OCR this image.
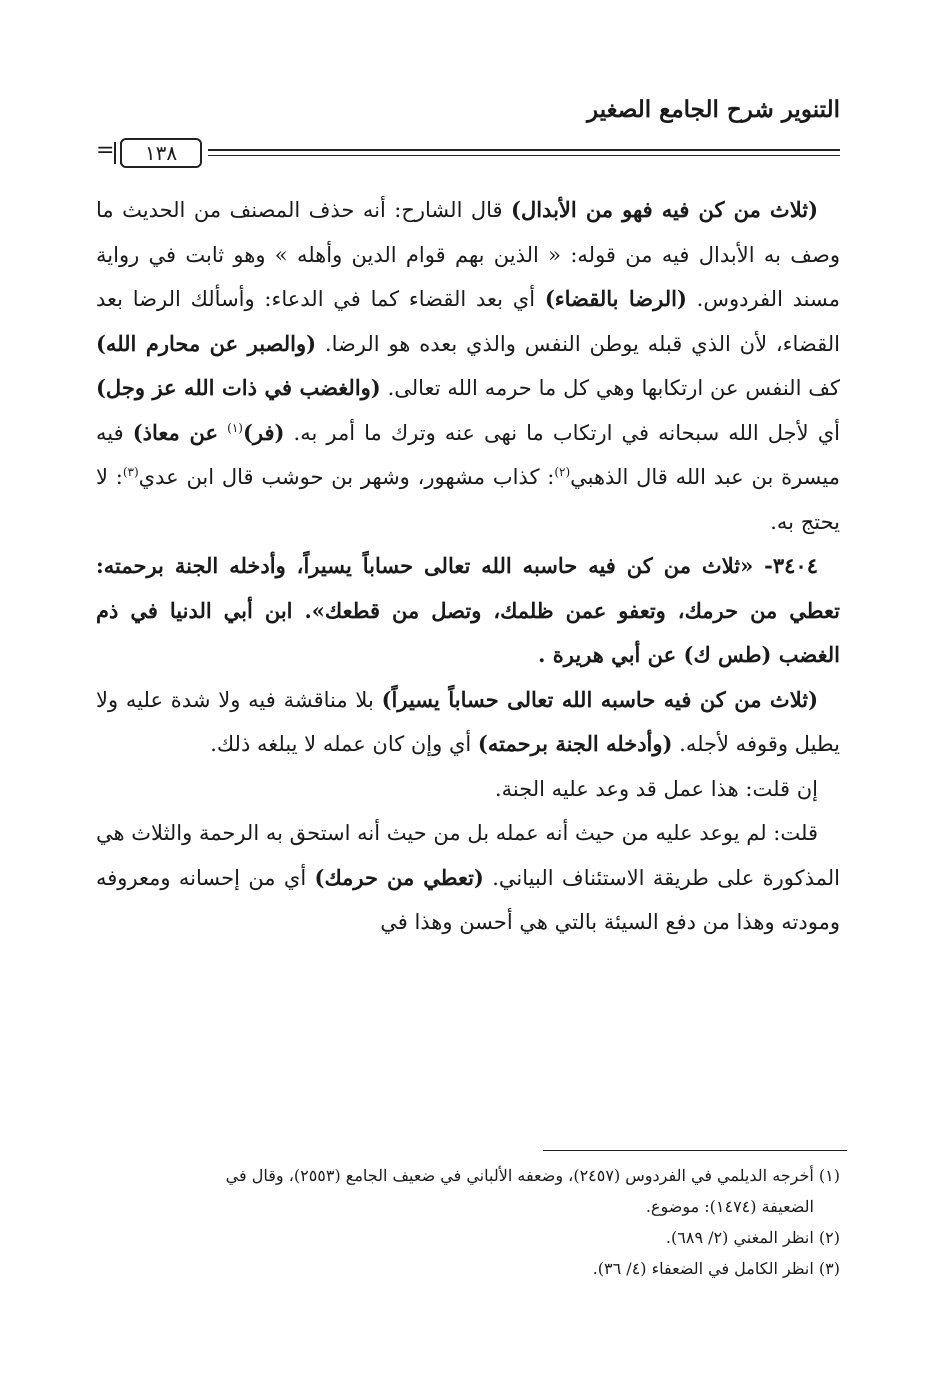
التنوير شرح الجامع الصغير
١٣٨
=

(ثلاث من كن فيه فهو من الأبدال) قال الشارح: أنه حذف المصنف من الحديث ما وصف به الأبدال فيه من قوله: « الذين بهم قوام الدين وأهله » وهو ثابت في رواية مسند الفردوس. (الرضا بالقضاء) أي بعد القضاء كما في الدعاء: وأسألك الرضا بعد القضاء، لأن الذي قبله يوطن النفس والذي بعده هو الرضا. (والصبر عن محارم الله) كف النفس عن ارتكابها وهي كل ما حرمه الله تعالى. (والغضب في ذات الله عز وجل) أي لأجل الله سبحانه في ارتكاب ما نهى عنه وترك ما أمر به. (فر)$^{(١)}$ عن معاذ) فيه ميسرة بن عبد الله قال الذهبي$^{(٢)}$: كذاب مشهور، وشهر بن حوشب قال ابن عدي$^{(٣)}$: لا يحتج به.

٣٤٠٤- «ثلاث من كن فيه حاسبه الله تعالى حساباً يسيراً، وأدخله الجنة برحمته: تعطي من حرمك، وتعفو عمن ظلمك، وتصل من قطعك». ابن أبي الدنيا في ذم الغضب (طس ك) عن أبي هريرة .

(ثلاث من كن فيه حاسبه الله تعالى حساباً يسيراً) بلا مناقشة فيه ولا شدة عليه ولا يطيل وقوفه لأجله. (وأدخله الجنة برحمته) أي وإن كان عمله لا يبلغه ذلك.

إن قلت: هذا عمل قد وعد عليه الجنة.

قلت: لم يوعد عليه من حيث أنه عمله بل من حيث أنه استحق به الرحمة والثلاث هي المذكورة على طريقة الاستئناف البياني. (تعطي من حرمك) أي من إحسانه ومعروفه ومودته وهذا من دفع السيئة بالتي هي أحسن وهذا في

(١) أخرجه الديلمي في الفردوس (٢٤٥٧)، وضعفه الألباني في ضعيف الجامع (٢٥٥٣)، وقال في

الضعيفة (١٤٧٤): موضوع.

(٢) انظر المغني (٢/ ٦٨٩).

(٣) انظر الكامل في الضعفاء (٤/ ٣٦).
